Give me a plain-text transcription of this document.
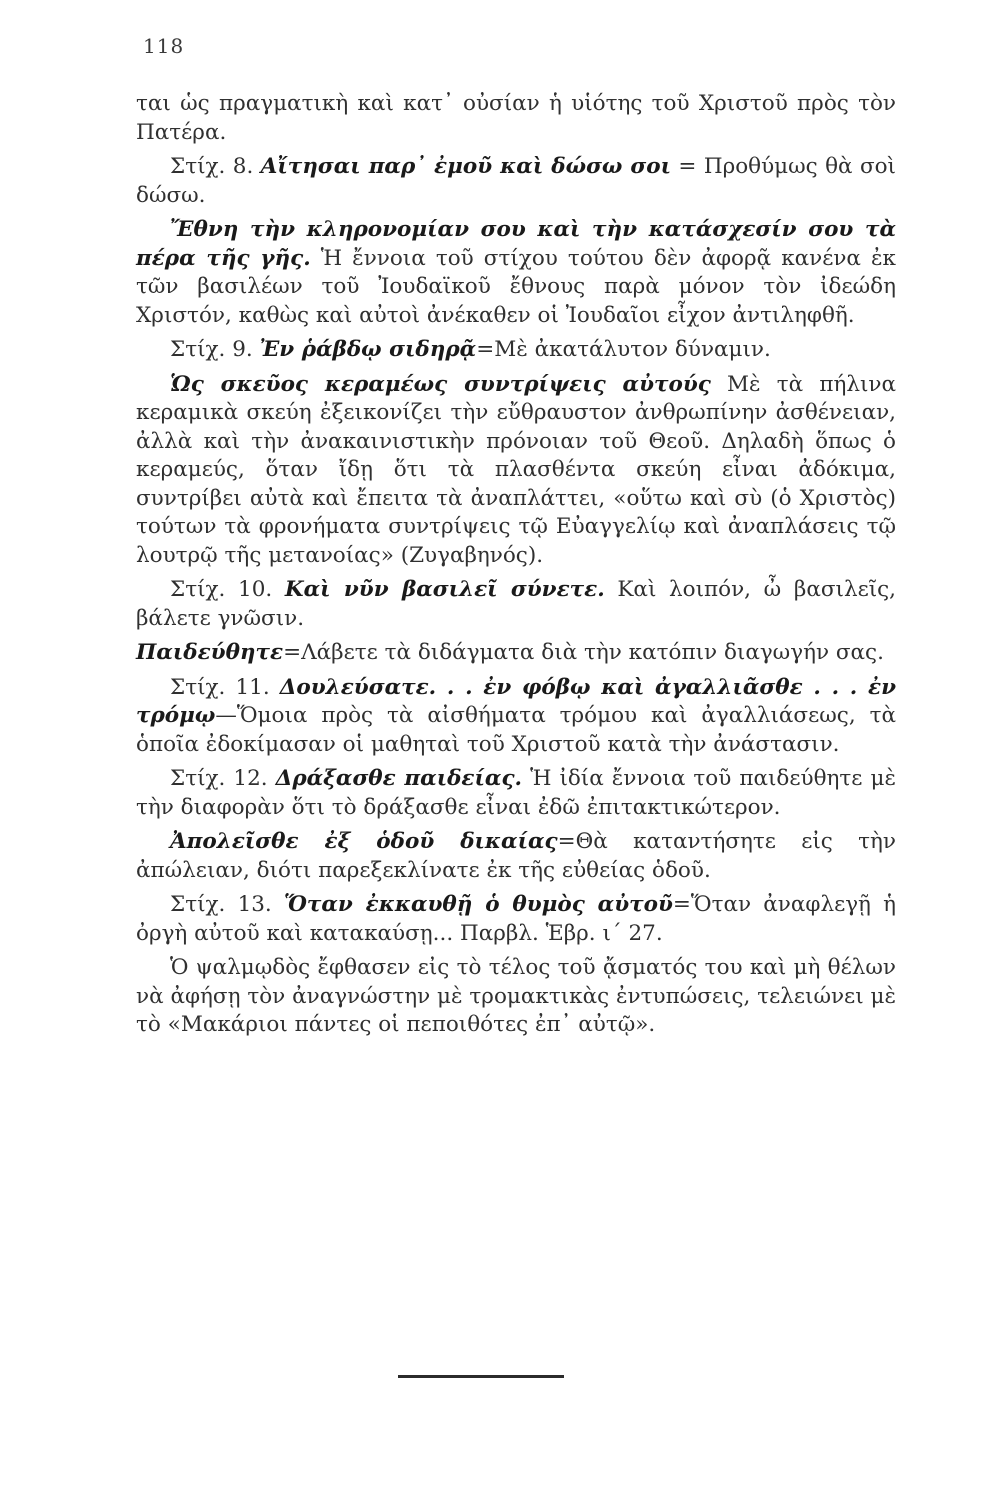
118

ται ὡς πραγματικὴ καὶ κατ᾽ οὐσίαν ἡ υἱότης τοῦ Χριστοῦ πρὸς τὸν Πατέρα.

Στίχ. 8. Αἴτησαι παρ᾽ ἐμοῦ καὶ δώσω σοι = Προθύμως θὰ σοὶ δώσω.

Ἔθνη τὴν κληρονομίαν σου καὶ τὴν κατάσχεσίν σου τὰ πέρα τῆς γῆς. Ἡ ἔννοια τοῦ στίχου τούτου δὲν ἀφορᾷ κανένα ἐκ τῶν βασιλέων τοῦ Ἰουδαϊκοῦ ἔθνους παρὰ μόνον τὸν ἰδεώδη Χριστόν, καθὼς καὶ αὐτοὶ ἀνέκαθεν οἱ Ἰουδαῖοι εἶχον ἀντιληφθῆ.

Στίχ. 9. Ἐν ῥάβδῳ σιδηρᾷ=Μὲ ἀκατάλυτον δύναμιν.

Ὡς σκεῦος κεραμέως συντρίψεις αὐτούς Μὲ τὰ πήλινα κεραμικὰ σκεύη ἐξεικονίζει τὴν εὔθραυστον ἀνθρωπίνην ἀσθένειαν, ἀλλὰ καὶ τὴν ἀνακαινιστικὴν πρόνοιαν τοῦ Θεοῦ. Δηλαδὴ ὅπως ὁ κεραμεύς, ὅταν ἴδῃ ὅτι τὰ πλασθέντα σκεύη εἶναι ἀδόκιμα, συντρίβει αὐτὰ καὶ ἔπειτα τὰ ἀναπλάττει, «οὕτω καὶ σὺ (ὁ Χριστὸς) τούτων τὰ φρονήματα συντρίψεις τῷ Εὐαγγελίῳ καὶ ἀναπλάσεις τῷ λουτρῷ τῆς μετανοίας» (Ζυγαβηνός).

Στίχ. 10. Καὶ νῦν βασιλεῖ σύνετε. Καὶ λοιπόν, ὦ βασιλεῖς, βάλετε γνῶσιν.

Παιδεύθητε=Λάβετε τὰ διδάγματα διὰ τὴν κατόπιν διαγωγήν σας.

Στίχ. 11. Δουλεύσατε. . . ἐν φόβῳ καὶ ἀγαλλιᾶσθε . . . ἐν τρόμῳ—Ὅμοια πρὸς τὰ αἰσθήματα τρόμου καὶ ἀγαλλιάσεως, τὰ ὁποῖα ἐδοκίμασαν οἱ μαθηταὶ τοῦ Χριστοῦ κατὰ τὴν ἀνάστασιν.

Στίχ. 12. Δράξασθε παιδείας. Ἡ ἰδία ἔννοια τοῦ παιδεύθητε μὲ τὴν διαφορὰν ὅτι τὸ δράξασθε εἶναι ἐδῶ ἐπιτακτικώτερον.

Ἀπολεῖσθε ἐξ ὁδοῦ δικαίας=Θὰ καταντήσητε εἰς τὴν ἀπώλειαν, διότι παρεξεκλίνατε ἐκ τῆς εὐθείας ὁδοῦ.

Στίχ. 13. Ὅταν ἐκκαυθῇ ὁ θυμὸς αὐτοῦ=Ὅταν ἀναφλεγῇ ἡ ὀργὴ αὐτοῦ καὶ κατακαύσῃ... Παρβλ. Ἑβρ. ι´ 27.

Ὁ ψαλμῳδὸς ἔφθασεν εἰς τὸ τέλος τοῦ ᾄσματός του καὶ μὴ θέλων νὰ ἀφήσῃ τὸν ἀναγνώστην μὲ τρομακτικὰς ἐντυπώσεις, τελειώνει μὲ τὸ «Μακάριοι πάντες οἱ πεποιθότες ἐπ᾽ αὐτῷ».
